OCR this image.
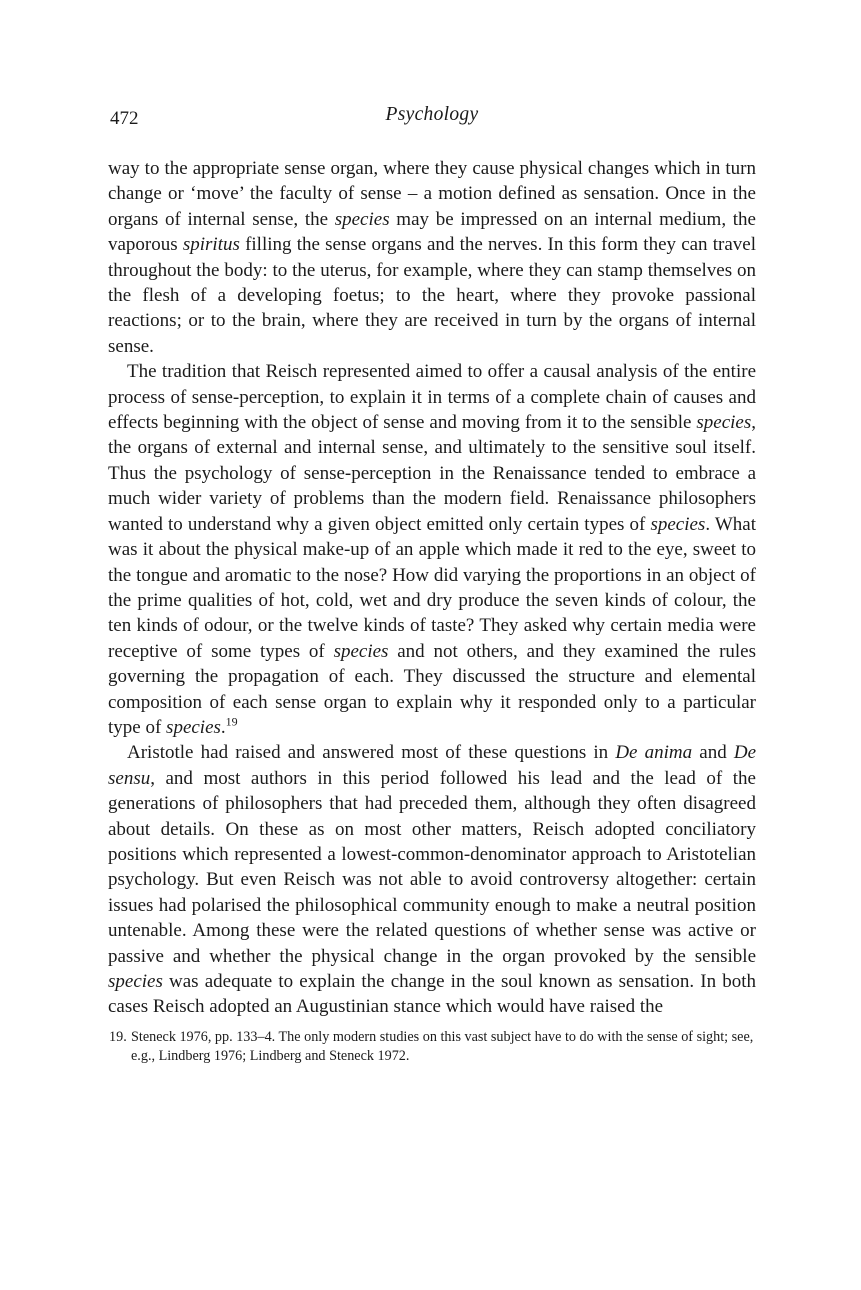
472	Psychology

way to the appropriate sense organ, where they cause physical changes which in turn change or ‘move’ the faculty of sense – a motion defined as sensation. Once in the organs of internal sense, the species may be impressed on an internal medium, the vaporous spiritus filling the sense organs and the nerves. In this form they can travel throughout the body: to the uterus, for example, where they can stamp themselves on the flesh of a developing foetus; to the heart, where they provoke passional reactions; or to the brain, where they are received in turn by the organs of internal sense.

The tradition that Reisch represented aimed to offer a causal analysis of the entire process of sense-perception, to explain it in terms of a complete chain of causes and effects beginning with the object of sense and moving from it to the sensible species, the organs of external and internal sense, and ultimately to the sensitive soul itself. Thus the psychology of sense-perception in the Renaissance tended to embrace a much wider variety of problems than the modern field. Renaissance philosophers wanted to understand why a given object emitted only certain types of species. What was it about the physical make-up of an apple which made it red to the eye, sweet to the tongue and aromatic to the nose? How did varying the proportions in an object of the prime qualities of hot, cold, wet and dry produce the seven kinds of colour, the ten kinds of odour, or the twelve kinds of taste? They asked why certain media were receptive of some types of species and not others, and they examined the rules governing the propagation of each. They discussed the structure and elemental composition of each sense organ to explain why it responded only to a particular type of species.$^{19}$

Aristotle had raised and answered most of these questions in De anima and De sensu, and most authors in this period followed his lead and the lead of the generations of philosophers that had preceded them, although they often disagreed about details. On these as on most other matters, Reisch adopted conciliatory positions which represented a lowest-common-denominator approach to Aristotelian psychology. But even Reisch was not able to avoid controversy altogether: certain issues had polarised the philosophical community enough to make a neutral position untenable. Among these were the related questions of whether sense was active or passive and whether the physical change in the organ provoked by the sensible species was adequate to explain the change in the soul known as sensation. In both cases Reisch adopted an Augustinian stance which would have raised the

19. Steneck 1976, pp. 133–4. The only modern studies on this vast subject have to do with the sense of sight; see, e.g., Lindberg 1976; Lindberg and Steneck 1972.
